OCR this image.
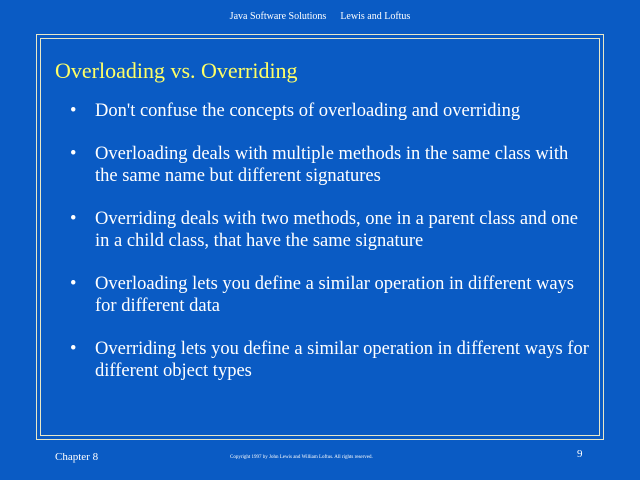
Java Software Solutions Lewis and Loftus
Overloading vs. Overriding
• Don't confuse the concepts of overloading and overriding
• Overloading deals with multiple methods in the same class with the same name but different signatures
• Overriding deals with two methods, one in a parent class and one in a child class, that have the same signature
• Overloading lets you define a similar operation in different ways for different data
• Overriding lets you define a similar operation in different ways for different object types
Chapter 8	Copyright 1997 by John Lewis and William Loftus. All rights reserved.	9
